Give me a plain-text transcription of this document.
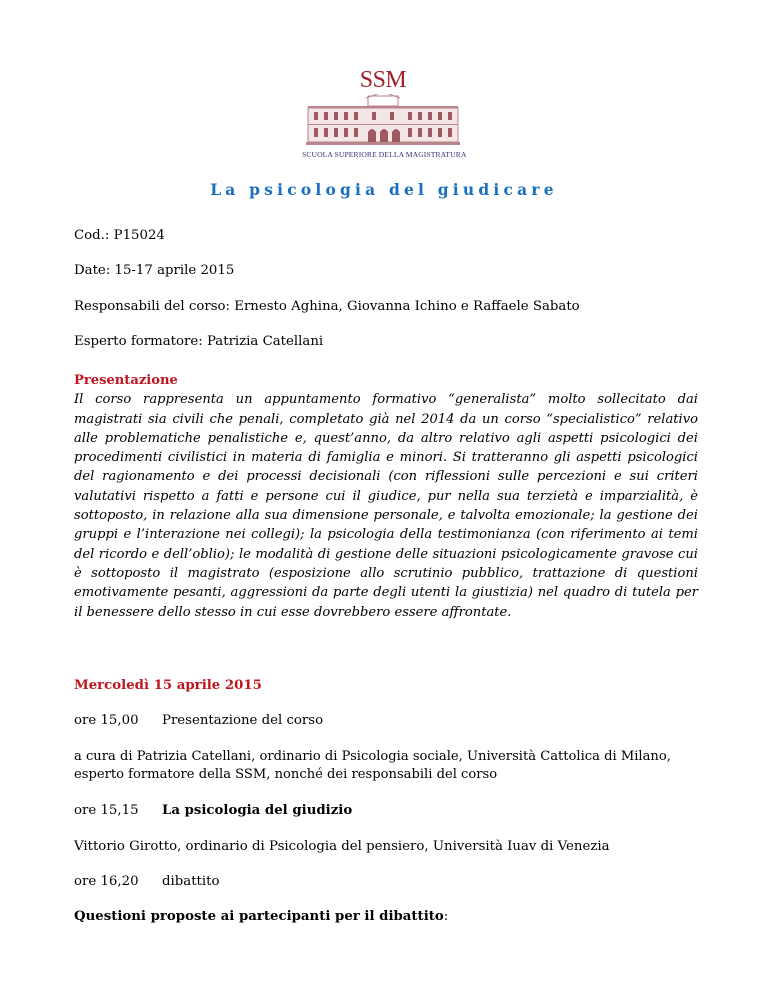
SSM
SCUOLA SUPERIORE DELLA MAGISTRATURA
La psicologia del giudicare
Cod.: P15024
Date: 15-17 aprile 2015
Responsabili del corso: Ernesto Aghina, Giovanna Ichino e Raffaele Sabato
Esperto formatore: Patrizia Catellani
Presentazione
Il corso rappresenta un appuntamento formativo “generalista” molto sollecitato dai magistrati sia civili che penali, completato già nel 2014 da un corso “specialistico” relativo alle problematiche penalistiche e, quest’anno, da altro relativo agli aspetti psicologici dei procedimenti civilistici in materia di famiglia e minori. Si tratteranno gli aspetti psicologici del ragionamento e dei processi decisionali (con riflessioni sulle percezioni e sui criteri valutativi rispetto a fatti e persone cui il giudice, pur nella sua terzietà e imparzialità, è sottoposto, in relazione alla sua dimensione personale, e talvolta emozionale; la gestione dei gruppi e l’interazione nei collegi); la psicologia della testimonianza (con riferimento ai temi del ricordo e dell’oblio); le modalità di gestione delle situazioni psicologicamente gravose cui è sottoposto il magistrato (esposizione allo scrutinio pubblico, trattazione di questioni emotivamente pesanti, aggressioni da parte degli utenti la giustizia) nel quadro di tutela per il benessere dello stesso in cui esse dovrebbero essere affrontate.
Mercoledì 15 aprile 2015
ore 15,00 Presentazione del corso
a cura di Patrizia Catellani, ordinario di Psicologia sociale, Università Cattolica di Milano, esperto formatore della SSM, nonché dei responsabili del corso
ore 15,15 La psicologia del giudizio
Vittorio Girotto, ordinario di Psicologia del pensiero, Università Iuav di Venezia
ore 16,20 dibattito
Questioni proposte ai partecipanti per il dibattito:
